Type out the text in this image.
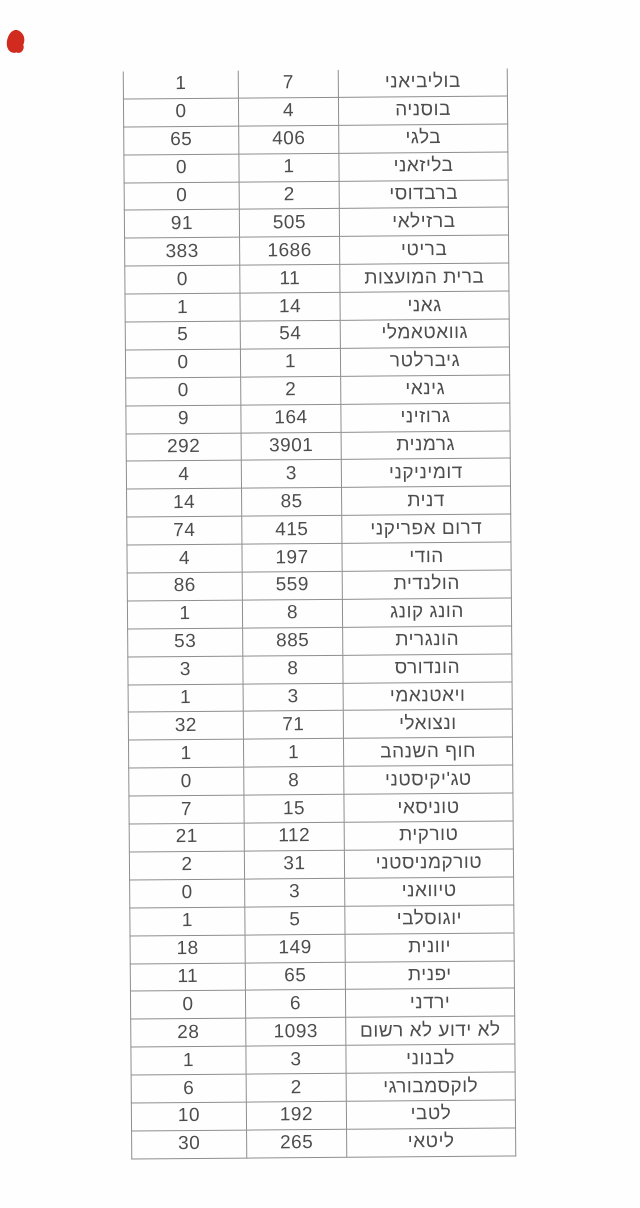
1	7	בוליביאני
0	4	בוסניה
65	406	בלגי
0	1	בליזאני
0	2	ברבדוסי
91	505	ברזילאי
383	1686	בריטי
0	11	ברית המועצות
1	14	גאני
5	54	גוואטאמלי
0	1	גיברלטר
0	2	גינאי
9	164	גרוזיני
292	3901	גרמנית
4	3	דומיניקני
14	85	דנית
74	415	דרום אפריקני
4	197	הודי
86	559	הולנדית
1	8	הונג קונג
53	885	הונגרית
3	8	הונדורס
1	3	ויאטנאמי
32	71	ונצואלי
1	1	חוף השנהב
0	8	טג'יקיסטני
7	15	טוניסאי
21	112	טורקית
2	31	טורקמניסטני
0	3	טיוואני
1	5	יוגוסלבי
18	149	יוונית
11	65	יפנית
0	6	ירדני
28	1093	לא ידוע לא רשום
1	3	לבנוני
6	2	לוקסמבורגי
10	192	לטבי
30	265	ליטאי
